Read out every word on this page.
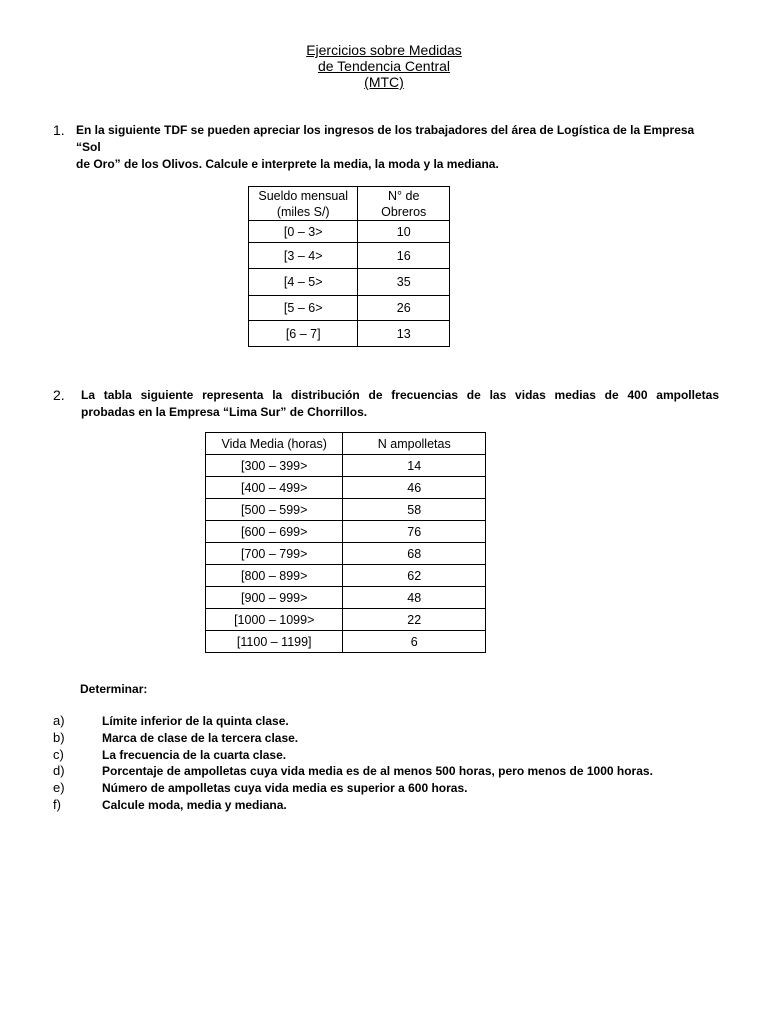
Ejercicios sobre Medidas
de Tendencia Central
(MTC)
1. En la siguiente TDF se pueden apreciar los ingresos de los trabajadores del área de Logística de la Empresa “Sol
de Oro” de los Olivos. Calcule e interprete la media, la moda y la mediana.
Sueldo mensual
(miles S/)	N° de
Obreros
[0 – 3>	10
[3 – 4>	16
[4 – 5>	35
[5 – 6>	26
[6 – 7]	13
2. La tabla siguiente representa la distribución de frecuencias de las vidas medias de 400 ampolletas
probadas en la Empresa “Lima Sur” de Chorrillos.
Vida Media (horas)	N ampolletas
[300 – 399>	14
[400 – 499>	46
[500 – 599>	58
[600 – 699>	76
[700 – 799>	68
[800 – 899>	62
[900 – 999>	48
[1000 – 1099>	22
[1100 – 1199]	6
Determinar:
a)	Límite inferior de la quinta clase.
b)	Marca de clase de la tercera clase.
c)	La frecuencia de la cuarta clase.
d)	Porcentaje de ampolletas cuya vida media es de al menos 500 horas, pero menos de 1000 horas.
e)	Número de ampolletas cuya vida media es superior a 600 horas.
f)	Calcule moda, media y mediana.
